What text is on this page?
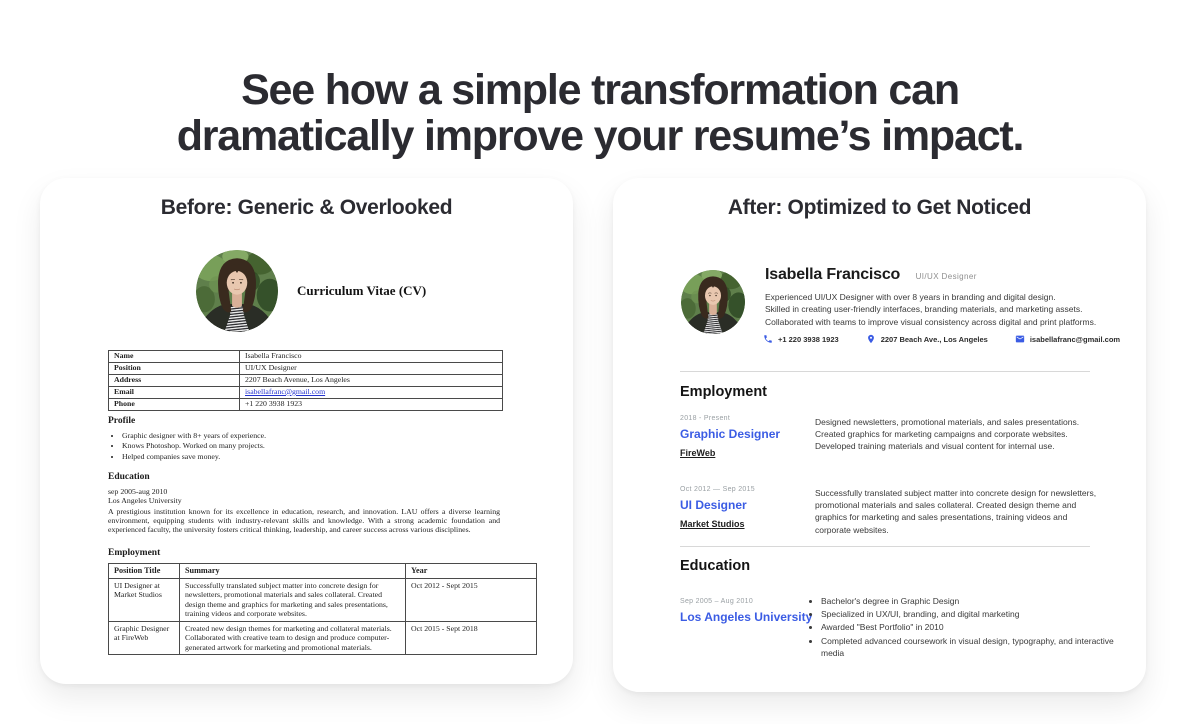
See how a simple transformation can
dramatically improve your resume’s impact.
Before: Generic & Overlooked
Curriculum Vitae (CV)
Name	Isabella Francisco
Position	UI/UX Designer
Address	2207 Beach Avenue, Los Angeles
Email	isabellafranc@gmail.com
Phone	+1 220 3938 1923
Profile
• Graphic designer with 8+ years of experience.
• Knows Photoshop. Worked on many projects.
• Helped companies save money.
Education
sep 2005-aug 2010
Los Angeles University

A prestigious institution known for its excellence in education, research, and innovation. LAU offers a diverse learning environment, equipping students with industry-relevant skills and knowledge. With a strong academic foundation and experienced faculty, the university fosters critical thinking, leadership, and career success across various disciplines.

Employment
Position Title	Summary	Year
UI Designer at Market Studios	Successfully translated subject matter into concrete design for newsletters, promotional materials and sales collateral. Created design theme and graphics for marketing and sales presentations, training videos and corporate websites.	Oct 2012 - Sept 2015
Graphic Designer at FireWeb	Created new design themes for marketing and collateral materials. Collaborated with creative team to design and produce computer-generated artwork for marketing and promotional materials.	Oct 2015 - Sept 2018
After: Optimized to Get Noticed
Isabella Francisco UI/UX Designer
Experienced UI/UX Designer with over 8 years in branding and digital design.
Skilled in creating user-friendly interfaces, branding materials, and marketing assets.
Collaborated with teams to improve visual consistency across digital and print platforms.
+1 220 3938 1923	2207 Beach Ave., Los Angeles	isabellafranc@gmail.com
Employment
2018 - Present
Graphic Designer
FireWeb
Designed newsletters, promotional materials, and sales presentations. Created graphics for marketing campaigns and corporate websites. Developed training materials and visual content for internal use.
Oct 2012 — Sep 2015
UI Designer
Market Studios
Successfully translated subject matter into concrete design for newsletters, promotional materials and sales collateral. Created design theme and graphics for marketing and sales presentations, training videos and corporate websites.
Education
Sep 2005 – Aug 2010
Los Angeles University
• Bachelor's degree in Graphic Design
• Specialized in UX/UI, branding, and digital marketing
• Awarded "Best Portfolio" in 2010
• Completed advanced coursework in visual design, typography, and interactive media
